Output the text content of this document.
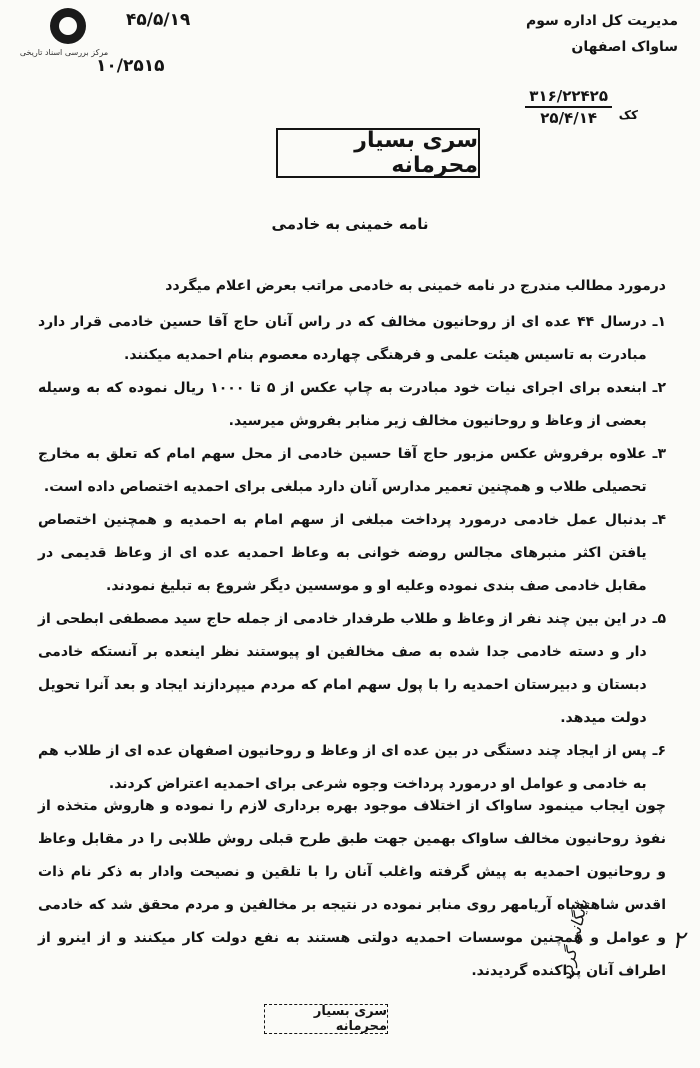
مرکز بررسی اسناد تاریخی
۴۵/۵/۱۹
۱۰/۲۵۱۵
مدیریت کل اداره سوم
ساواک اصفهان
۳۱۶/۲۲۴۲۵
۲۵/۴/۱۴	کک
سری بسیار محرمانه
نامه خمینی به خادمی
درمورد مطالب مندرج در نامه خمینی به خادمی مراتب بعرض اعلام میگردد
۱ـ
درسال ۴۴ عده ای از روحانیون مخالف که در راس آنان حاج آقا حسین خادمی قرار دارد مبادرت به تاسیس هیئت علمی و فرهنگی چهارده معصوم بنام احمدیه میکنند.
۲ـ
ابنعده برای اجرای نیات خود مبادرت به چاپ عکس از ۵ تا ۱۰۰۰ ریال نموده که به وسیله بعضی از وعاظ و روحانیون مخالف زیر منابر بفروش میرسید.
۳ـ
علاوه برفروش عکس مزبور حاج آقا حسین خادمی از محل سهم امام که تعلق به مخارج تحصیلی طلاب و همچنین تعمیر مدارس آنان دارد مبلغی برای احمدیه اختصاص داده است.
۴ـ
بدنبال عمل خادمی درمورد پرداخت مبلغی از سهم امام به احمدیه و همچنین اختصاص یافتن اکثر منبرهای مجالس روضه خوانی به وعاظ احمدیه عده ای از وعاظ قدیمی در مقابل خادمی صف بندی نموده وعلیه او و موسسین دیگر شروع به تبلیغ نمودند.
۵ـ
در این بین چند نفر از وعاظ و طلاب طرفدار خادمی از جمله حاج سید مصطفی ابطحی از دار و دسته خادمی جدا شده به صف مخالفین او پیوستند نظر اینعده بر آنستکه خادمی دبستان و دبیرستان احمدیه را با پول سهم امام که مردم میپردازند ایجاد و بعد آنرا تحویل دولت میدهد.
۶ـ
پس از ایجاد چند دستگی در بین عده ای از وعاظ و روحانیون اصفهان عده ای از طلاب هم به خادمی و عوامل او درمورد پرداخت وجوه شرعی برای احمدیه اعتراض کردند.
چون ایجاب مینمود ساواک از اختلاف موجود بهره برداری لازم را نموده و هاروش متخذه از نفوذ روحانیون مخالف ساواک بهمین جهت طبق طرح قبلی روش طلابی را در مقابل وعاظ و روحانیون احمدیه به پیش گرفته واغلب آنان را با تلقین و نصیحت وادار به ذکر نام ذات اقدس شاهنشاه آریامهر روی منابر نموده در نتیجه بر مخالفین و مردم محقق شد که خادمی و عوامل و همچنین موسسات احمدیه دولتی هستند به نفع دولت کار میکنند و از اینرو از اطراف آنان پراکنده گردیدند.
سری بسیار محرمانه
بایگانی گردد	۲
